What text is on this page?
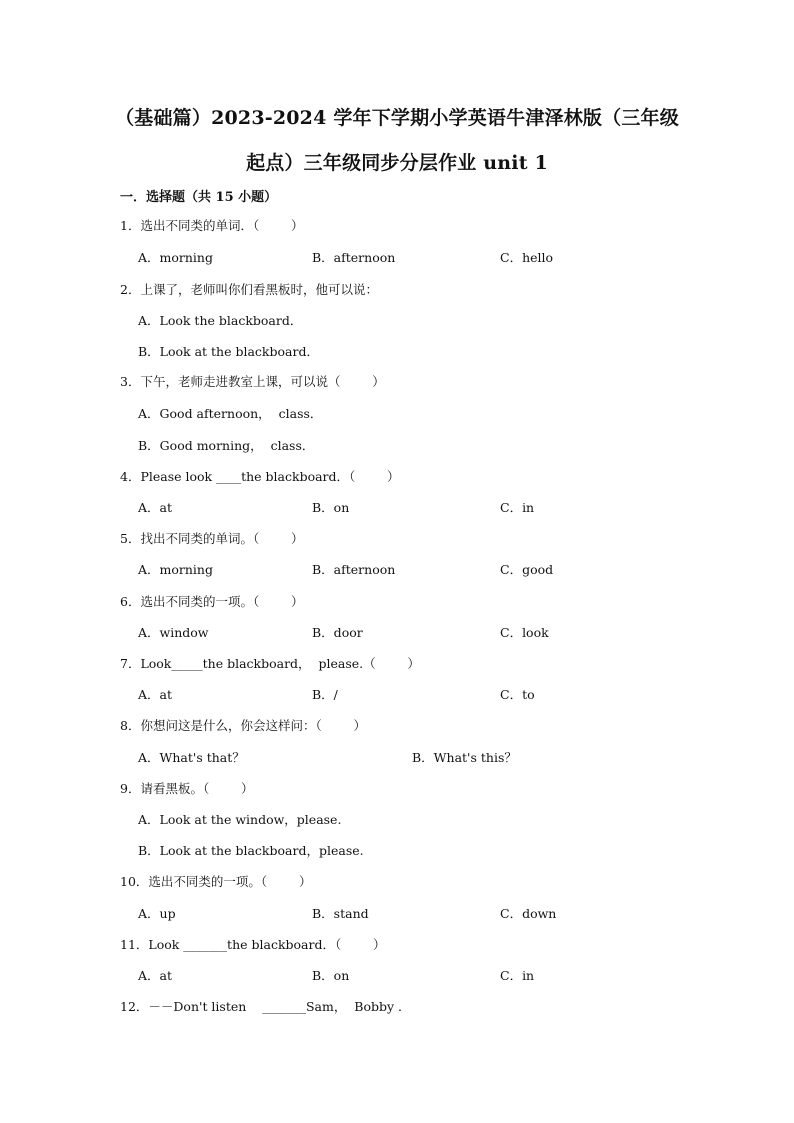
（基础篇）2023-2024 学年下学期小学英语牛津泽林版（三年级
起点）三年级同步分层作业 unit 1
一．选择题（共 15 小题）
1．选出不同类的单词．（        ）
A．morning	B．afternoon	C．hello
2．上课了，老师叫你们看黑板时，他可以说：
A．Look the blackboard．
B．Look at the blackboard．
3．下午，老师走进教室上课，可以说（        ）
A．Good afternoon，  class．
B．Good morning，  class．
4．Please look ____the blackboard．（        ）
A．at	B．on	C．in
5．找出不同类的单词。（        ）
A．morning	B．afternoon	C．good
6．选出不同类的一项。（        ）
A．window	B．door	C．look
7．Look_____the blackboard，  please.（        ）
A．at	B．/	C．to
8．你想问这是什么，你会这样问：（        ）
A．What's that？	B．What's this？
9．请看黑板。（        ）
A．Look at the window，please.
B．Look at the blackboard，please.
10．选出不同类的一项。（        ）
A．up	B．stand	C．down
11．Look _______the blackboard．（        ）
A．at	B．on	C．in
12．－－Don't listen    _______Sam，  Bobby .
